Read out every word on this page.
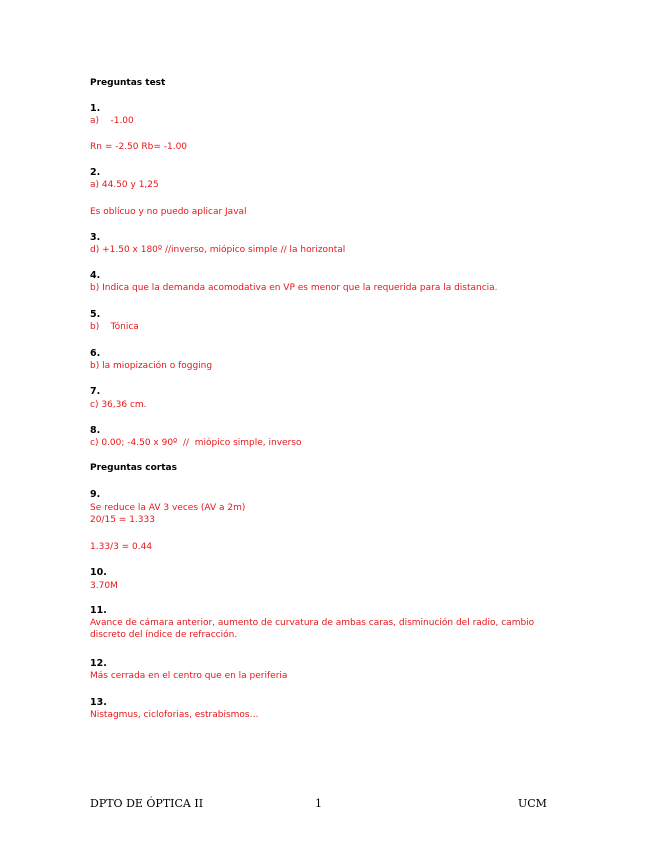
Preguntas test
1.
a)    -1.00
Rn = -2.50 Rb= -1.00
2.
a) 44.50 y 1,25
Es oblícuo y no puedo aplicar Javal
3.
d) +1.50 x 180º //inverso, miópico simple // la horizontal
4.
b) Indica que la demanda acomodativa en VP es menor que la requerida para la distancia.
5.
b)    Tónica
6.
b) la miopización o fogging
7.
c) 36,36 cm.
8.
c) 0.00; -4.50 x 90º  //  miópico simple, inverso
Preguntas cortas
9.
Se reduce la AV 3 veces (AV a 2m)
20/15 = 1.333
1.33/3 = 0.44
10.
3.70M
11.
Avance de cámara anterior, aumento de curvatura de ambas caras, disminución del radio, cambio discreto del índice de refracción.
12.
Más cerrada en el centro que en la periferia
13.
Nistagmus, cicloforias, estrabismos…
DPTO DE ÓPTICA II	1	UCM
